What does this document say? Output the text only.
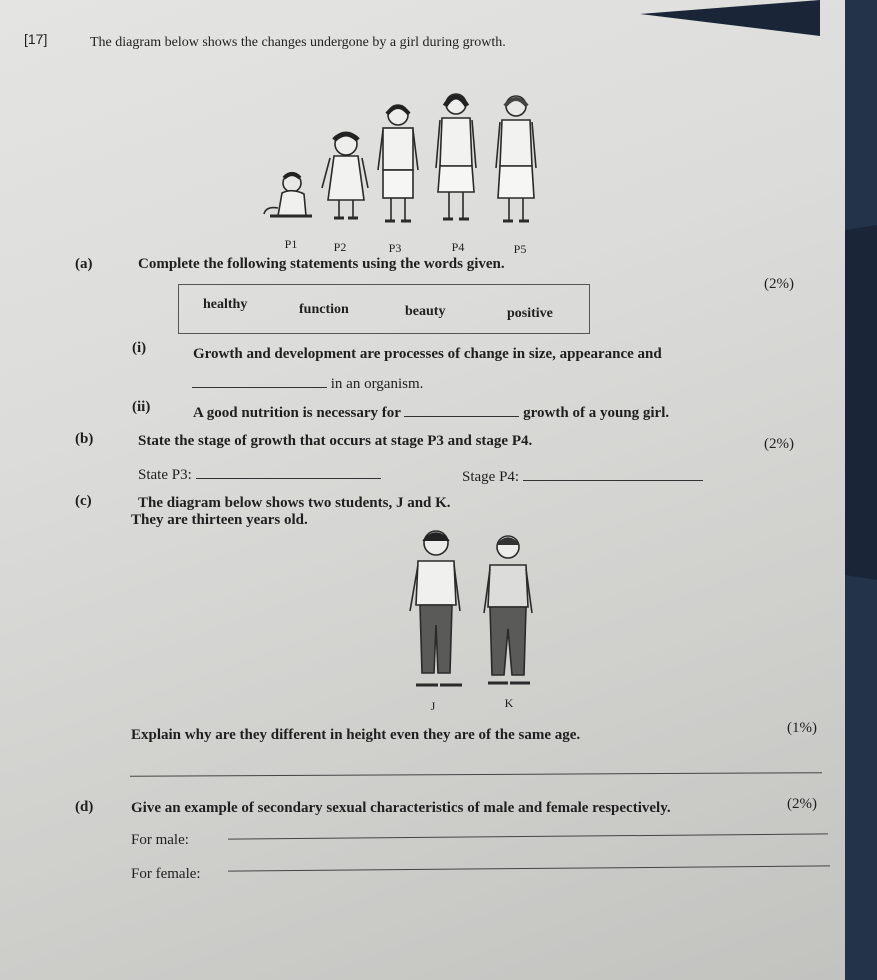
[17]	The diagram below shows the changes undergone by a girl during growth.
P1	P2	P3	P4	P5
(a)	Complete the following statements using the words given.
(2%)
healthy	function	beauty	positive
(i)	Growth and development are processes of change in size, appearance and
in an organism.
(ii)	A good nutrition is necessary for	growth of a young girl.
(b)	State the stage of growth that occurs at stage P3 and stage P4.	(2%)
State P3:	Stage P4:
(c)	The diagram below shows two students, J and K.
They are thirteen years old.
J	K
Explain why are they different in height even they are of the same age.	(1%)
(d)	Give an example of secondary sexual characteristics of male and female respectively.	(2%)
For male:
For female:
